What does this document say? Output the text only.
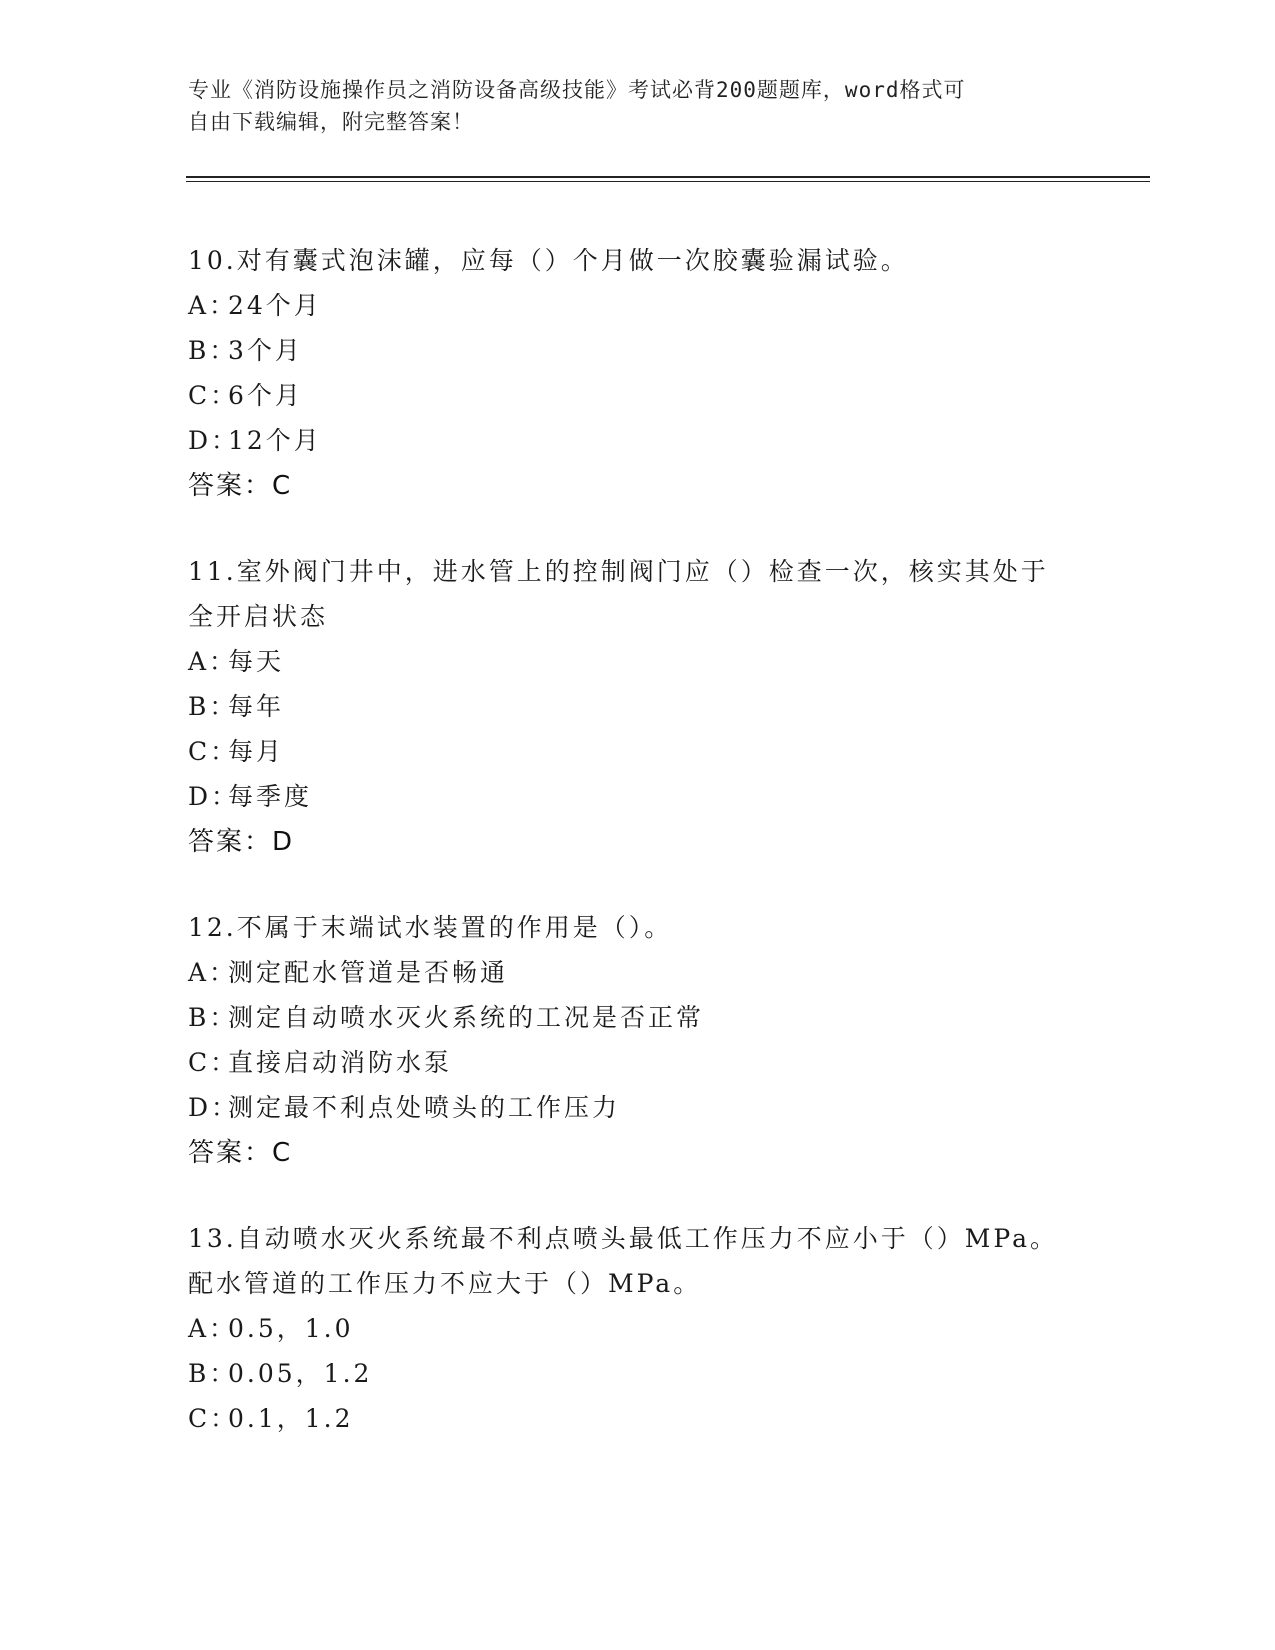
专业《消防设施操作员之消防设备高级技能》考试必背200题题库，word格式可
自由下载编辑，附完整答案！
10.对有囊式泡沫罐，应每（）个月做一次胶囊验漏试验。
A：24个月
B：3个月
C：6个月
D：12个月
答案：C
11.室外阀门井中，进水管上的控制阀门应（）检查一次，核实其处于
全开启状态
A：每天
B：每年
C：每月
D：每季度
答案：D
12.不属于末端试水装置的作用是（）。
A：测定配水管道是否畅通
B：测定自动喷水灭火系统的工况是否正常
C：直接启动消防水泵
D：测定最不利点处喷头的工作压力
答案：C
13.自动喷水灭火系统最不利点喷头最低工作压力不应小于（）MPa。
配水管道的工作压力不应大于（）MPa。
A：0.5，1.0
B：0.05，1.2
C：0.1，1.2
